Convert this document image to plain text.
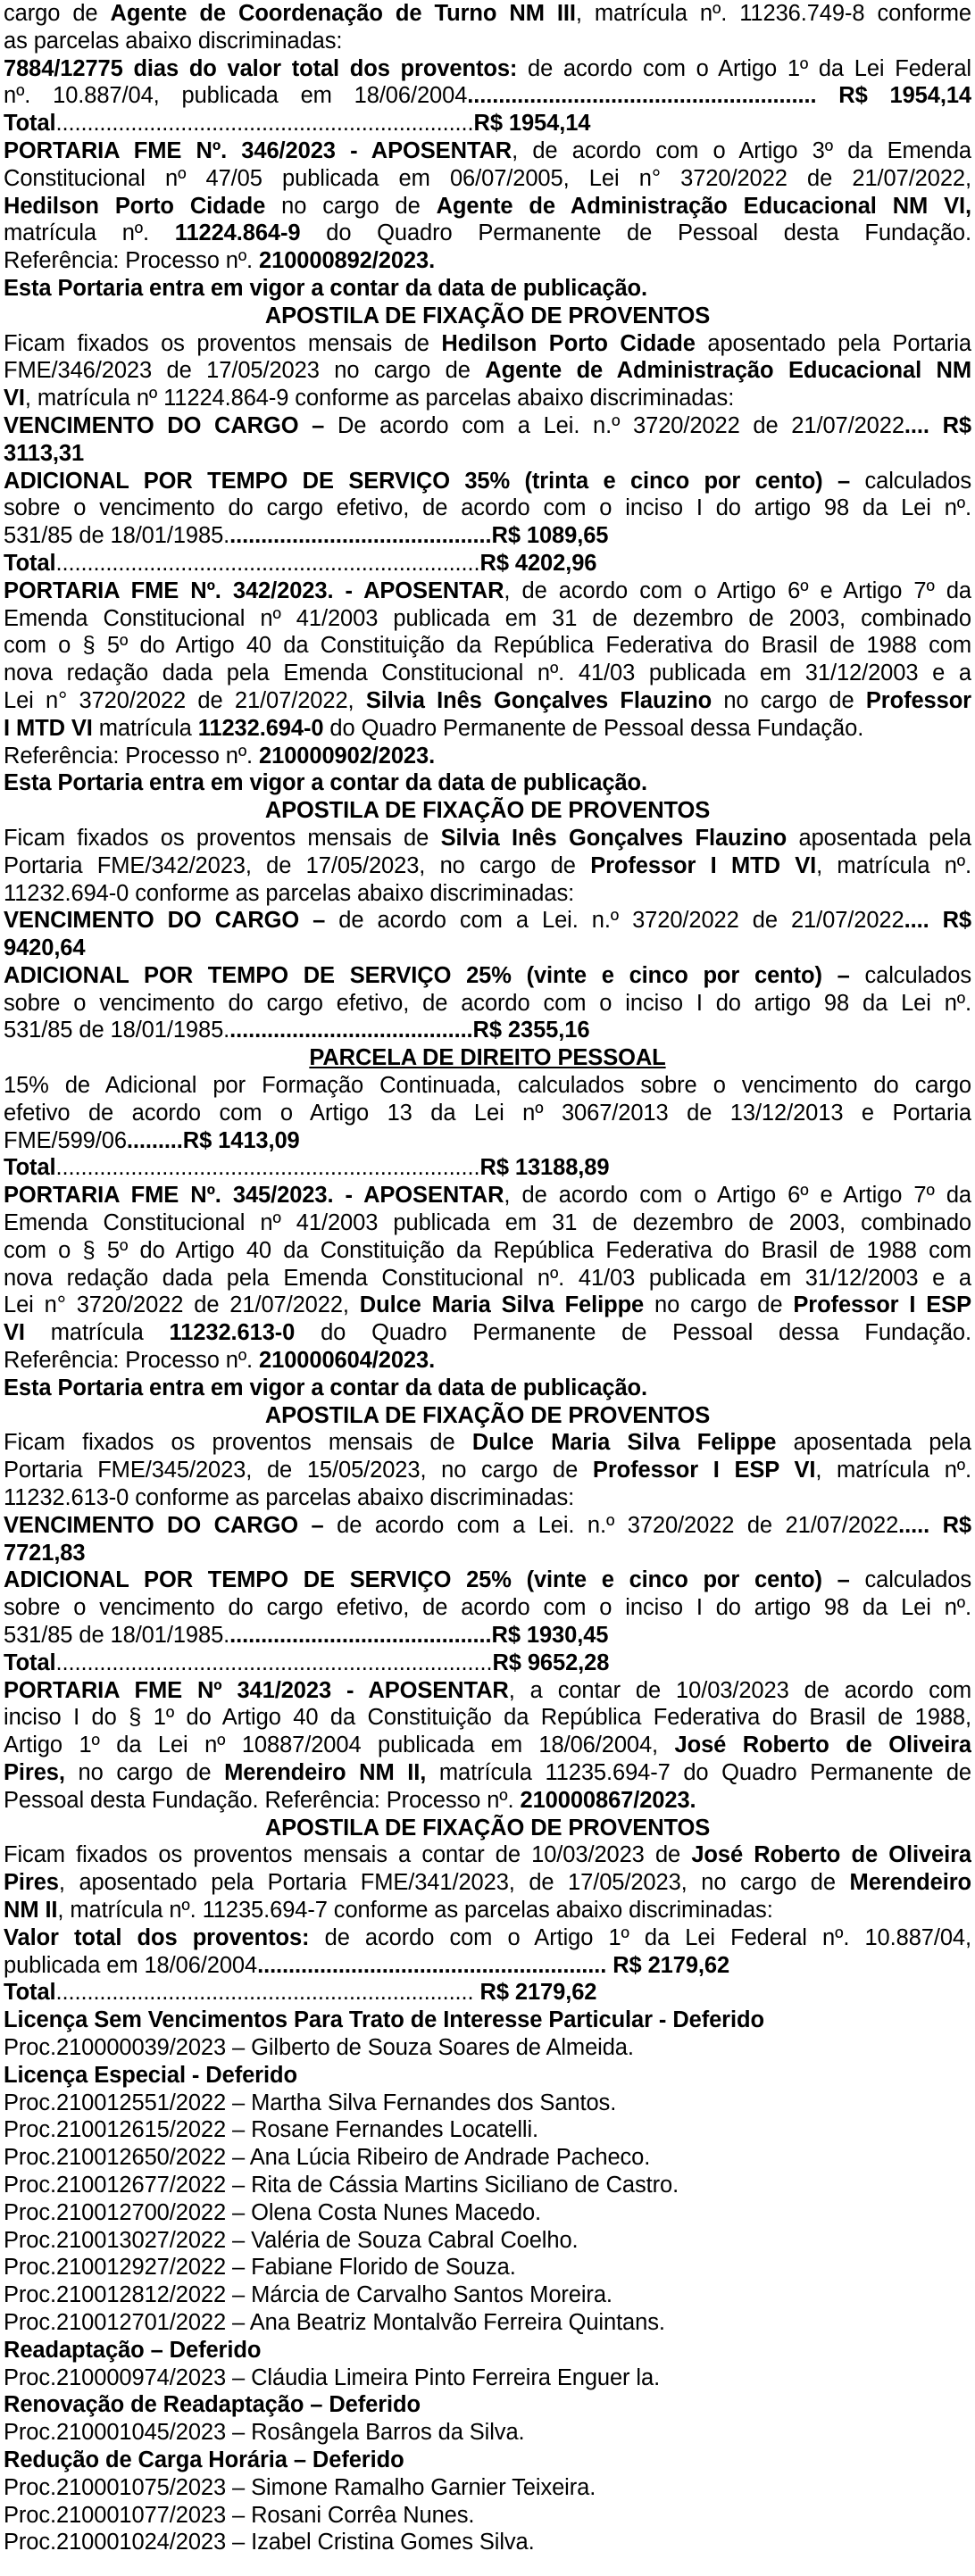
cargo de Agente de Coordenação de Turno NM III, matrícula nº. 11236.749-8 conforme
as parcelas abaixo discriminadas:
7884/12775 dias do valor total dos proventos: de acordo com o Artigo 1º da Lei Federal
nº. 10.887/04, publicada em 18/06/2004........................................................ R$ 1954,14
Total...................................................................R$ 1954,14
PORTARIA FME Nº. 346/2023 - APOSENTAR, de acordo com o Artigo 3º da Emenda
Constitucional nº 47/05 publicada em 06/07/2005, Lei n° 3720/2022 de 21/07/2022,
Hedilson Porto Cidade no cargo de Agente de Administração Educacional NM VI,
matrícula nº. 11224.864-9 do Quadro Permanente de Pessoal desta Fundação.
Referência: Processo nº. 210000892/2023.
Esta Portaria entra em vigor a contar da data de publicação.
APOSTILA DE FIXAÇÃO DE PROVENTOS
Ficam fixados os proventos mensais de Hedilson Porto Cidade aposentado pela Portaria
FME/346/2023 de 17/05/2023 no cargo de Agente de Administração Educacional NM
VI, matrícula nº 11224.864-9 conforme as parcelas abaixo discriminadas:
VENCIMENTO DO CARGO – De acordo com a Lei. n.º 3720/2022 de 21/07/2022.... R$
3113,31
ADICIONAL POR TEMPO DE SERVIÇO 35% (trinta e cinco por cento) – calculados
sobre o vencimento do cargo efetivo, de acordo com o inciso I do artigo 98 da Lei nº.
531/85 de 18/01/1985...........................................R$ 1089,65
Total....................................................................R$ 4202,96
PORTARIA FME Nº. 342/2023. - APOSENTAR, de acordo com o Artigo 6º e Artigo 7º da
Emenda Constitucional nº 41/2003 publicada em 31 de dezembro de 2003, combinado
com o § 5º do Artigo 40 da Constituição da República Federativa do Brasil de 1988 com
nova redação dada pela Emenda Constitucional nº. 41/03 publicada em 31/12/2003 e a
Lei n° 3720/2022 de 21/07/2022, Silvia Inês Gonçalves Flauzino no cargo de Professor
I MTD VI matrícula 11232.694-0 do Quadro Permanente de Pessoal dessa Fundação.
Referência: Processo nº. 210000902/2023.
Esta Portaria entra em vigor a contar da data de publicação.
APOSTILA DE FIXAÇÃO DE PROVENTOS
Ficam fixados os proventos mensais de Silvia Inês Gonçalves Flauzino aposentada pela
Portaria FME/342/2023, de 17/05/2023, no cargo de Professor I MTD VI, matrícula nº.
11232.694-0 conforme as parcelas abaixo discriminadas:
VENCIMENTO DO CARGO – de acordo com a Lei. n.º 3720/2022 de 21/07/2022.... R$
9420,64
ADICIONAL POR TEMPO DE SERVIÇO 25% (vinte e cinco por cento) – calculados
sobre o vencimento do cargo efetivo, de acordo com o inciso I do artigo 98 da Lei nº.
531/85 de 18/01/1985........................................R$ 2355,16
PARCELA DE DIREITO PESSOAL
15% de Adicional por Formação Continuada, calculados sobre o vencimento do cargo
efetivo de acordo com o Artigo 13 da Lei nº 3067/2013 de 13/12/2013 e Portaria
FME/599/06.........R$ 1413,09
Total....................................................................R$ 13188,89
PORTARIA FME Nº. 345/2023. - APOSENTAR, de acordo com o Artigo 6º e Artigo 7º da
Emenda Constitucional nº 41/2003 publicada em 31 de dezembro de 2003, combinado
com o § 5º do Artigo 40 da Constituição da República Federativa do Brasil de 1988 com
nova redação dada pela Emenda Constitucional nº. 41/03 publicada em 31/12/2003 e a
Lei n° 3720/2022 de 21/07/2022, Dulce Maria Silva Felippe no cargo de Professor I ESP
VI matrícula 11232.613-0 do Quadro Permanente de Pessoal dessa Fundação.
Referência: Processo nº. 210000604/2023.
Esta Portaria entra em vigor a contar da data de publicação.
APOSTILA DE FIXAÇÃO DE PROVENTOS
Ficam fixados os proventos mensais de Dulce Maria Silva Felippe aposentada pela
Portaria FME/345/2023, de 15/05/2023, no cargo de Professor I ESP VI, matrícula nº.
11232.613-0 conforme as parcelas abaixo discriminadas:
VENCIMENTO DO CARGO – de acordo com a Lei. n.º 3720/2022 de 21/07/2022..... R$
7721,83
ADICIONAL POR TEMPO DE SERVIÇO 25% (vinte e cinco por cento) – calculados
sobre o vencimento do cargo efetivo, de acordo com o inciso I do artigo 98 da Lei nº.
531/85 de 18/01/1985...........................................R$ 1930,45
Total......................................................................R$ 9652,28
PORTARIA FME Nº 341/2023 - APOSENTAR, a contar de 10/03/2023 de acordo com
inciso I do § 1º do Artigo 40 da Constituição da República Federativa do Brasil de 1988,
Artigo 1º da Lei nº 10887/2004 publicada em 18/06/2004, José Roberto de Oliveira
Pires, no cargo de Merendeiro NM II, matrícula 11235.694-7 do Quadro Permanente de
Pessoal desta Fundação. Referência: Processo nº. 210000867/2023.
APOSTILA DE FIXAÇÃO DE PROVENTOS
Ficam fixados os proventos mensais a contar de 10/03/2023 de José Roberto de Oliveira
Pires, aposentado pela Portaria FME/341/2023, de 17/05/2023, no cargo de Merendeiro
NM II, matrícula nº. 11235.694-7 conforme as parcelas abaixo discriminadas:
Valor total dos proventos: de acordo com o Artigo 1º da Lei Federal nº. 10.887/04,
publicada em 18/06/2004........................................................ R$ 2179,62
Total................................................................... R$ 2179,62
Licença Sem Vencimentos Para Trato de Interesse Particular - Deferido
Proc.210000039/2023 – Gilberto de Souza Soares de Almeida.
Licença Especial - Deferido
Proc.210012551/2022 – Martha Silva Fernandes dos Santos.
Proc.210012615/2022 – Rosane Fernandes Locatelli.
Proc.210012650/2022 – Ana Lúcia Ribeiro de Andrade Pacheco.
Proc.210012677/2022 – Rita de Cássia Martins Siciliano de Castro.
Proc.210012700/2022 – Olena Costa Nunes Macedo.
Proc.210013027/2022 – Valéria de Souza Cabral Coelho.
Proc.210012927/2022 – Fabiane Florido de Souza.
Proc.210012812/2022 – Márcia de Carvalho Santos Moreira.
Proc.210012701/2022 – Ana Beatriz Montalvão Ferreira Quintans.
Readaptação – Deferido
Proc.210000974/2023 – Cláudia Limeira Pinto Ferreira Enguer la.
Renovação de Readaptação – Deferido
Proc.210001045/2023 – Rosângela Barros da Silva.
Redução de Carga Horária – Deferido
Proc.210001075/2023 – Simone Ramalho Garnier Teixeira.
Proc.210001077/2023 – Rosani Corrêa Nunes.
Proc.210001024/2023 – Izabel Cristina Gomes Silva.
